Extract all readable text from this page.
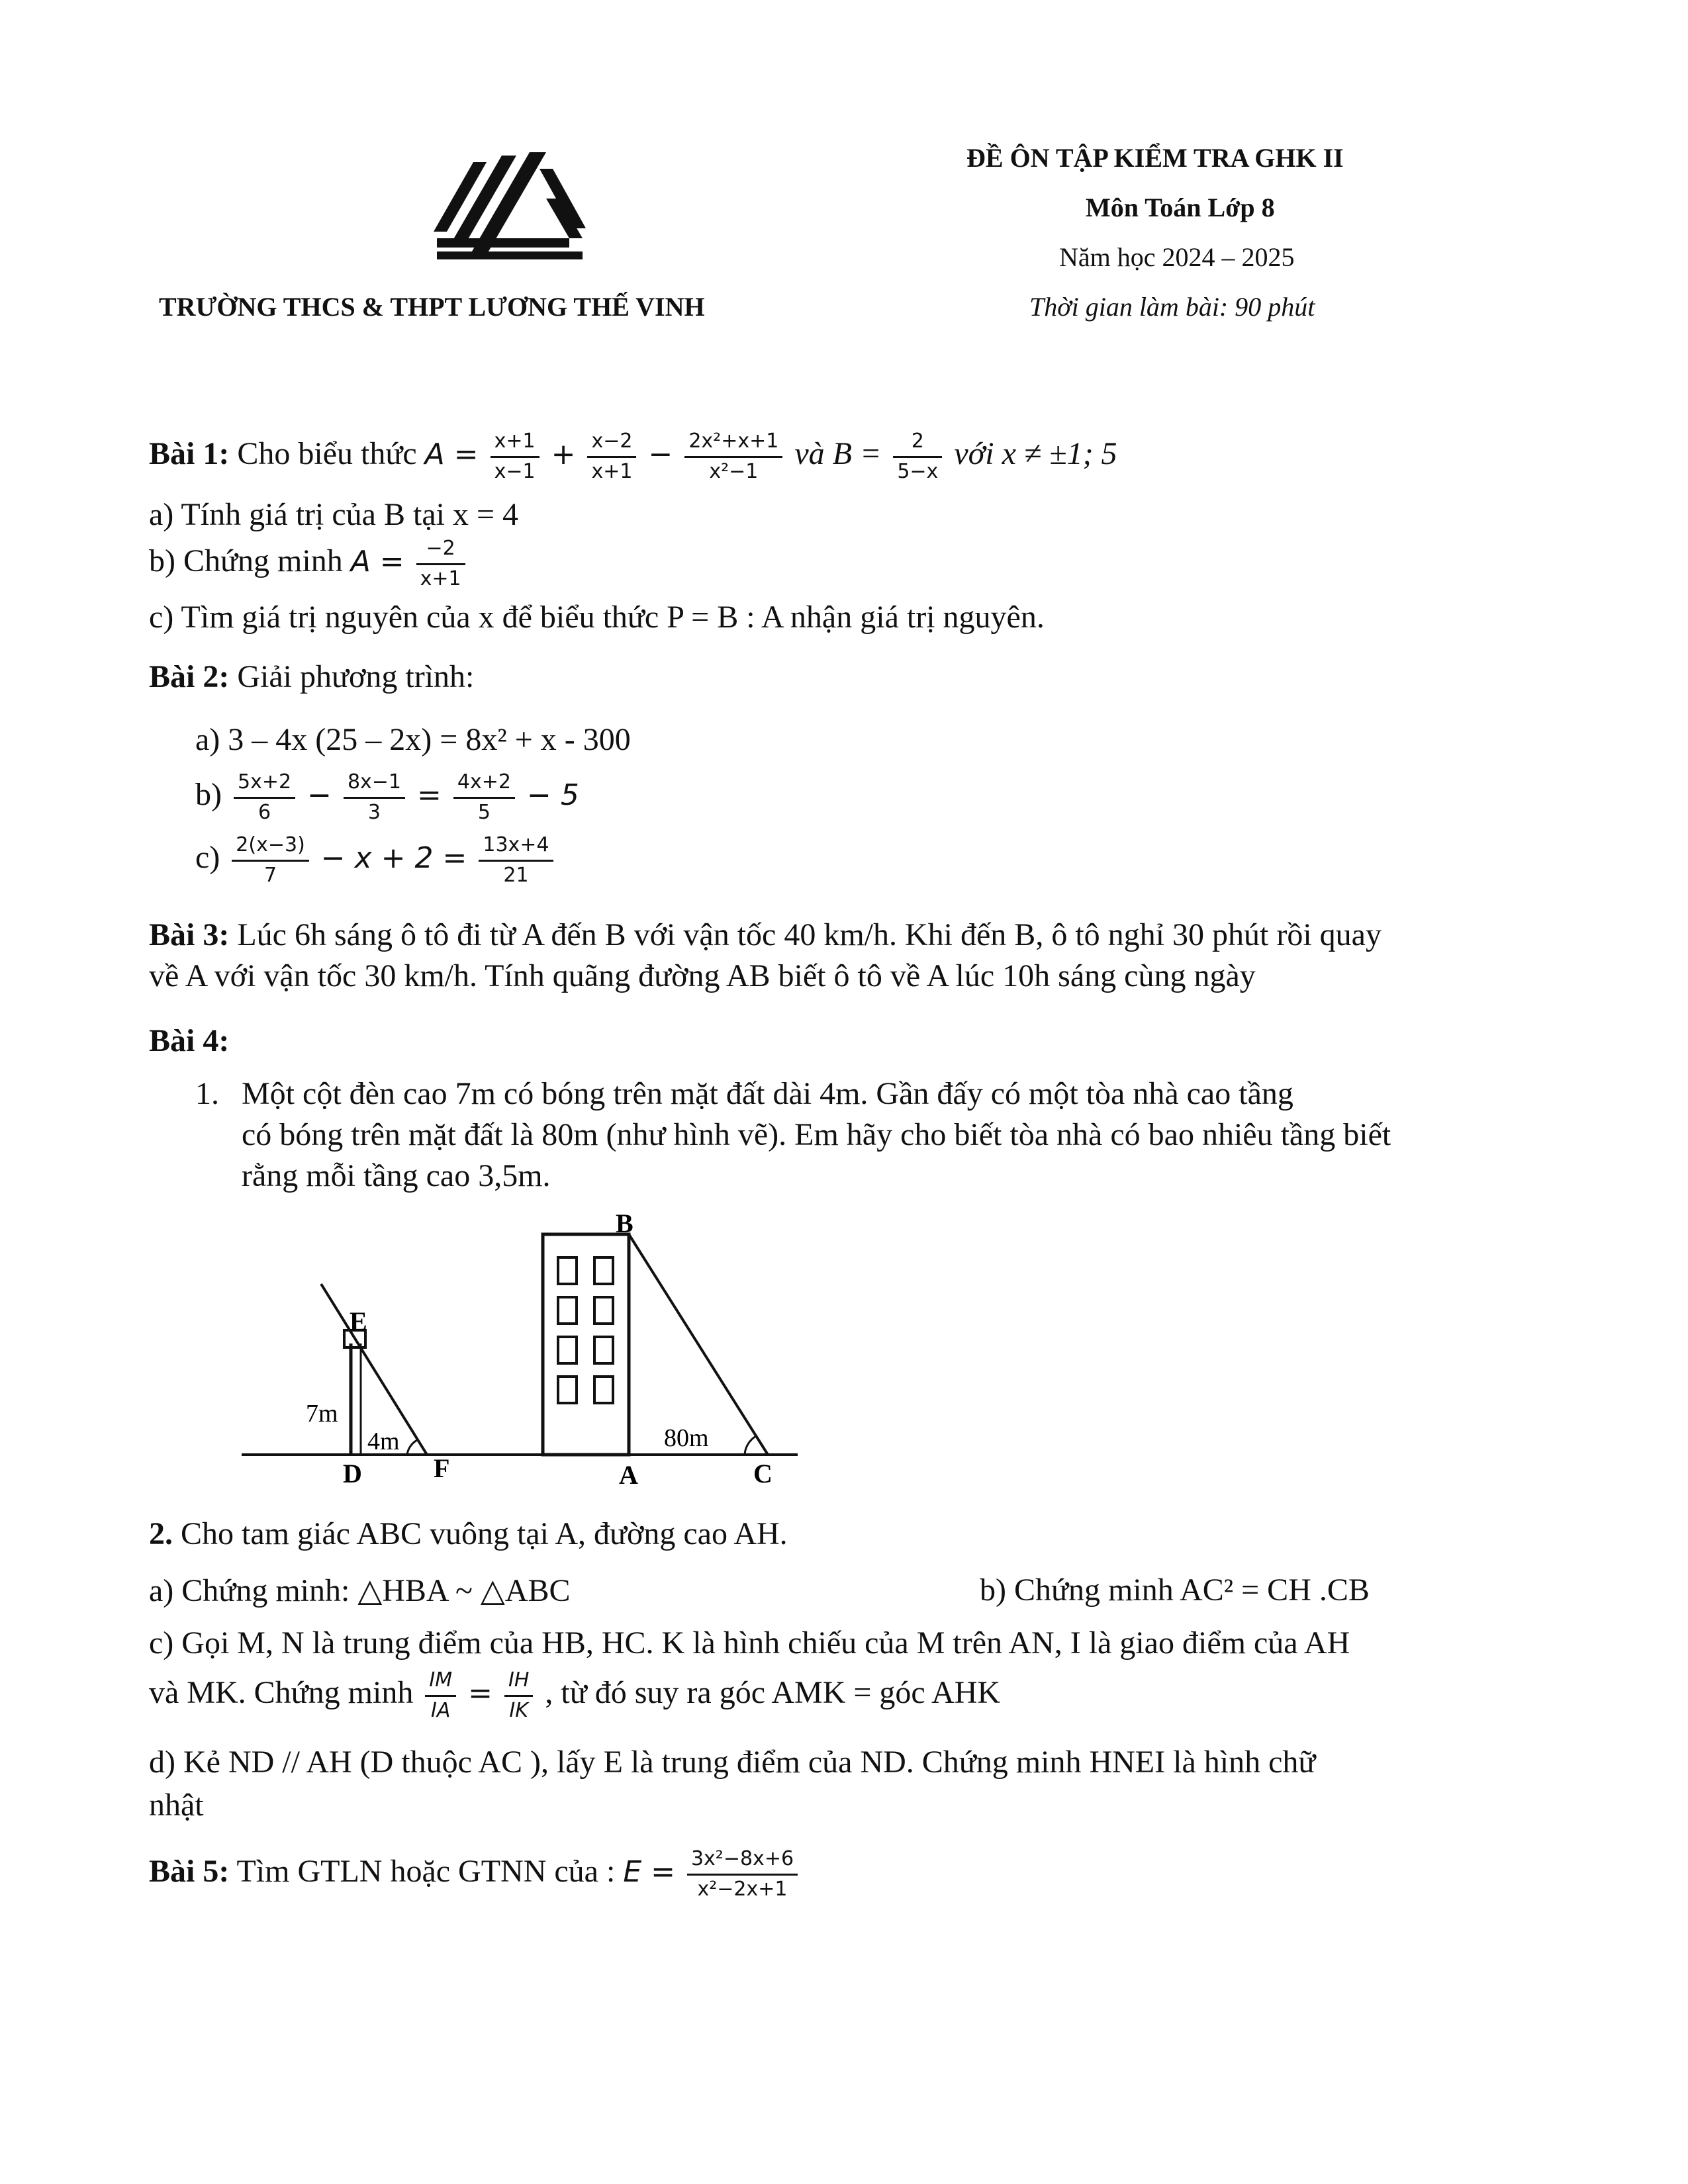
TRƯỜNG THCS & THPT LƯƠNG THẾ VINH
ĐỀ ÔN TẬP KIỂM TRA GHK II
Môn Toán Lớp 8
Năm học 2024 – 2025
Thời gian làm bài: 90 phút
Bài 1: Cho biểu thức $A = \frac{x+1}{x-1} + \frac{x-2}{x+1} - \frac{\text{2x²+x+1}}{\text{x²−1}}$ và $B = \frac{2}{5-x}$ với x ≠ ±1; 5
a) Tính giá trị của B tại x = 4
b) Chứng minh $A = \frac{-2}{x+1}$
c) Tìm giá trị nguyên của x để biểu thức P = B : A nhận giá trị nguyên.
Bài 2: Giải phương trình:
a) 3 – 4x (25 – 2x) = 8x² + x - 300
$b) \frac{5x+2}{6} - \frac{8x-1}{3} = \frac{4x+2}{5} - 5$
$c) \frac{2(x-3)}{7} - x + 2 = \frac{13x+4}{21}$
Bài 3: Lúc 6h sáng ô tô đi từ A đến B với vận tốc 40 km/h. Khi đến B, ô tô nghỉ 30 phút rồi quay
về A với vận tốc 30 km/h. Tính quãng đường AB biết ô tô về A lúc 10h sáng cùng ngày
Bài 4:
1. Một cột đèn cao 7m có bóng trên mặt đất dài 4m. Gần đấy có một tòa nhà cao tầng
có bóng trên mặt đất là 80m (như hình vẽ). Em hãy cho biết tòa nhà có bao nhiêu tầng biết
rằng mỗi tầng cao 3,5m.
B
E
7m
4m	80m
D	F	A	C
2. Cho tam giác ABC vuông tại A, đường cao AH.
a) Chứng minh: △HBA ~ △ABC	b) Chứng minh AC² = CH .CB
c) Gọi M, N là trung điểm của HB, HC. K là hình chiếu của M trên AN, I là giao điểm của AH
và MK. Chứng minh $\frac{IM}{IA} = \frac{IH}{IK}$ , từ đó suy ra góc AMK = góc AHK
d) Kẻ ND // AH (D thuộc AC ), lấy E là trung điểm của ND. Chứng minh HNEI là hình chữ
nhật
Bài 5: Tìm GTLN hoặc GTNN của : $E = \frac{\text{3x²−8x+6}}{\text{x²−2x+1}}$
